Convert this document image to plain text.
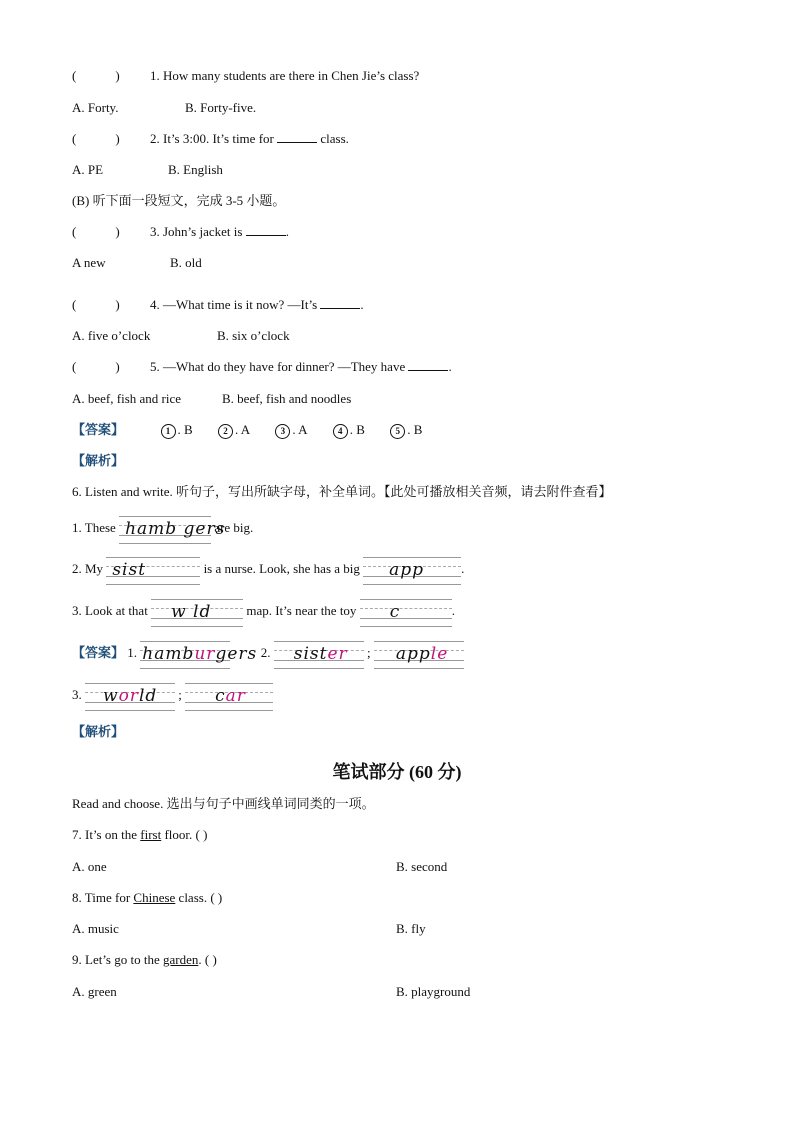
(　　　) 1. How many students are there in Chen Jie’s class?
A. Forty.	B. Forty-five.
(　　　) 2. It’s 3:00. It’s time for	class.
A. PE	B. English
(B) 听下面一段短文，完成 3-5 小题。
(　　　) 3. John’s jacket is	.
A new	B. old
(　　　) 4. —What time is it now? —It’s	.
A. five o’clock	B. six o’clock
(　　　) 5. —What do they have for dinner? —They have	.
A. beef, fish and rice	B. beef, fish and noodles
【答案】	1 . B	2 . A	3 . A	4 . B	5 . B
【解析】
6. Listen and write. 听句子，写出所缺字母，补全单词。【此处可播放相关音频，请去附件查看】
1. These hamb gers
are big.
2. My sist	is a nurse. Look, she has a big app	.
3. Look at that w ld	map. It’s near the toy c	.
【答案】 1. hamburgers 2. sister ; apple
3. world ; car
【解析】
笔试部分 (60 分)
Read and choose. 选出与句子中画线单词同类的一项。
7. It’s on the first floor. ( )
A. one	B. second
8. Time for Chinese class. ( )
A. music	B. fly
9. Let’s go to the garden. ( )
A. green	B. playground
